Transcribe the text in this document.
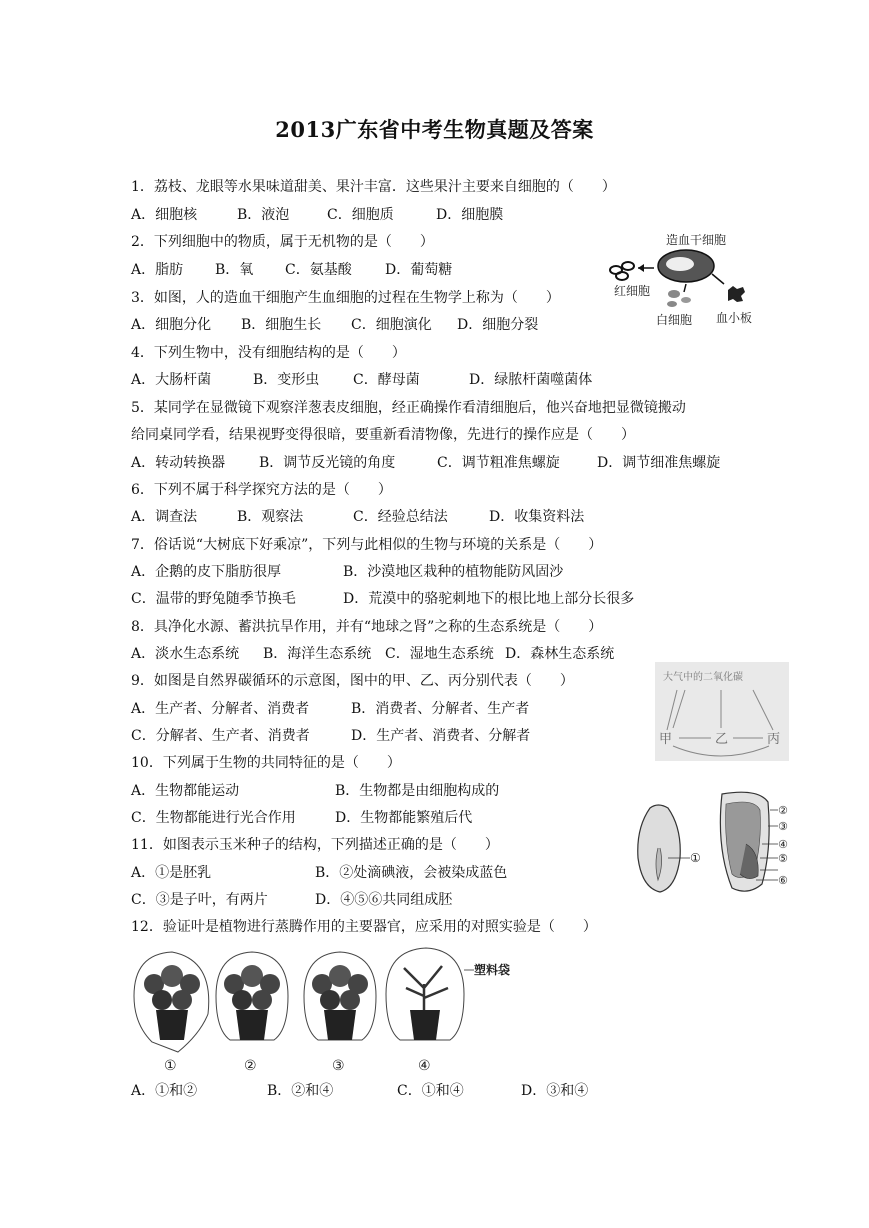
2013广东省中考生物真题及答案
1．荔枝、龙眼等水果味道甜美、果汁丰富．这些果汁主要来自细胞的（　　）
A．细胞核	B．液泡	C．细胞质	D．细胞膜
2．下列细胞中的物质，属于无机物的是（　　）
A．脂肪 B．氧 C．氨基酸 D．葡萄糖
3．如图，人的造血干细胞产生血细胞的过程在生物学上称为（　　）
A．细胞分化 B．细胞生长 C．细胞演化 D．细胞分裂
4．下列生物中，没有细胞结构的是（　　）
A．大肠杆菌	B．变形虫 C．酵母菌	D．绿脓杆菌噬菌体
5．某同学在显微镜下观察洋葱表皮细胞，经正确操作看清细胞后，他兴奋地把显微镜搬动
给同桌同学看，结果视野变得很暗，要重新看清物像，先进行的操作应是（　　）
A．转动转换器 B．调节反光镜的角度	C．调节粗准焦螺旋	D．调节细准焦螺旋
6．下列不属于科学探究方法的是（　　）
A．调查法	B．观察法	C．经验总结法	D．收集资料法
7．俗话说“大树底下好乘凉”，下列与此相似的生物与环境的关系是（　　）
A．企鹅的皮下脂肪很厚	B．沙漠地区栽种的植物能防风固沙
C．温带的野兔随季节换毛	D．荒漠中的骆驼刺地下的根比地上部分长很多
8．具净化水源、蓄洪抗旱作用，并有“地球之肾”之称的生态系统是（　　）
A．淡水生态系统 B．海洋生态系统 C．湿地生态系统 D．森林生态系统
9．如图是自然界碳循环的示意图，图中的甲、乙、丙分别代表（　　）
A．生产者、分解者、消费者	B．消费者、分解者、生产者
C．分解者、生产者、消费者	D．生产者、消费者、分解者
10．下列属于生物的共同特征的是（　　）
A．生物都能运动	B．生物都是由细胞构成的
C．生物都能进行光合作用	D．生物都能繁殖后代
11．如图表示玉米种子的结构，下列描述正确的是（　　）
A．①是胚乳	B．②处滴碘液，会被染成蓝色
C．③是子叶，有两片	D．④⑤⑥共同组成胚
12．验证叶是植物进行蒸腾作用的主要器官，应采用的对照实验是（　　）
A．①和②	B．②和④	C．①和④	D．③和④
造血干细胞
红细胞
白细胞 血小板
大气中的二氧化碳
甲	乙	丙
①
②
③
④
⑤
⑥
①	②	③
塑料袋
④
